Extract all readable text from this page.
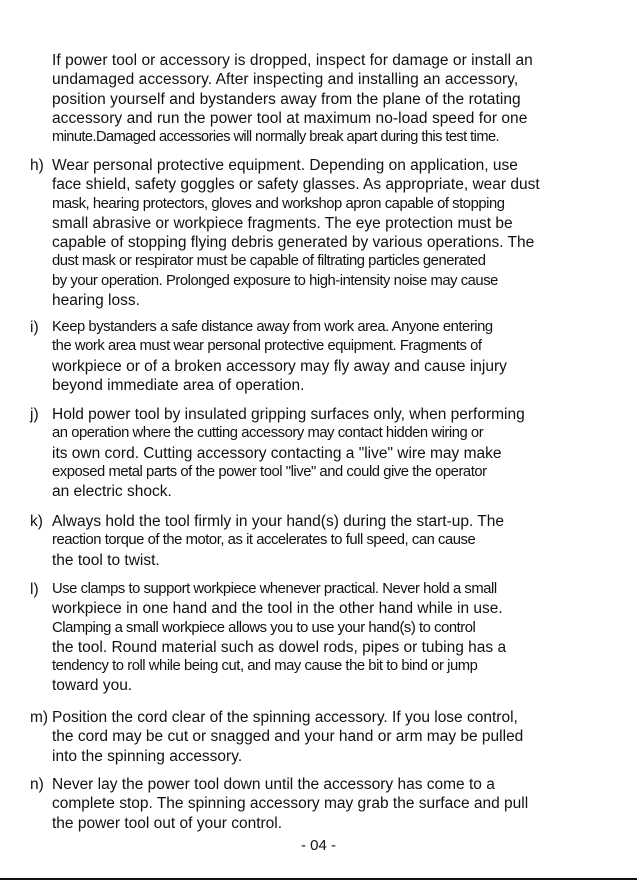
If power tool or accessory is dropped, inspect for damage or install an
undamaged accessory. After inspecting and installing an accessory,
position yourself and bystanders away from the plane of the rotating
accessory and run the power tool at maximum no-load speed for one
minute.Damaged accessories will normally break apart during this test time.
h) Wear personal protective equipment. Depending on application, use
face shield, safety goggles or safety glasses. As appropriate, wear dust
mask, hearing protectors, gloves and workshop apron capable of stopping
small abrasive or workpiece fragments. The eye protection must be
capable of stopping flying debris generated by various operations. The
dust mask or respirator must be capable of filtrating particles generated
by your operation. Prolonged exposure to high-intensity noise may cause
hearing loss.
i) Keep bystanders a safe distance away from work area. Anyone entering
the work area must wear personal protective equipment. Fragments of
workpiece or of a broken accessory may fly away and cause injury
beyond immediate area of operation.
j) Hold power tool by insulated gripping surfaces only, when performing
an operation where the cutting accessory may contact hidden wiring or
its own cord. Cutting accessory contacting a "live" wire may make
exposed metal parts of the power tool "live" and could give the operator
an electric shock.
k) Always hold the tool firmly in your hand(s) during the start-up. The
reaction torque of the motor, as it accelerates to full speed, can cause
the tool to twist.
l) Use clamps to support workpiece whenever practical. Never hold a small
workpiece in one hand and the tool in the other hand while in use.
Clamping a small workpiece allows you to use your hand(s) to control
the tool. Round material such as dowel rods, pipes or tubing has a
tendency to roll while being cut, and may cause the bit to bind or jump
toward you.
m) Position the cord clear of the spinning accessory. If you lose control,
the cord may be cut or snagged and your hand or arm may be pulled
into the spinning accessory.
n) Never lay the power tool down until the accessory has come to a
complete stop. The spinning accessory may grab the surface and pull
the power tool out of your control.
- 04 -
